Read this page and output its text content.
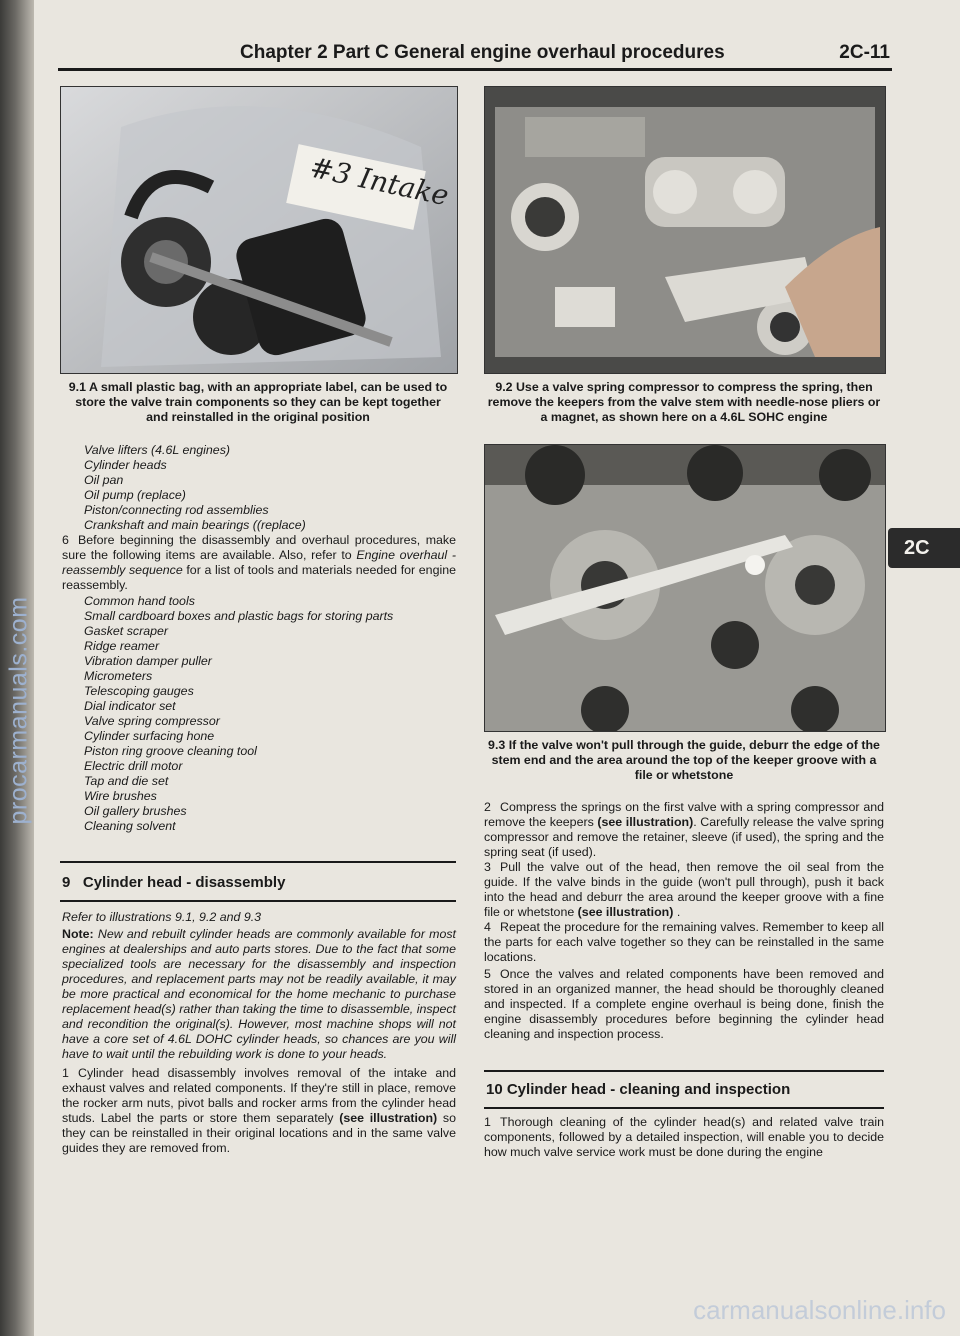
procarmanuals.com
Chapter 2 Part C General engine overhaul procedures	2C-11
#3 Intake
9.1 A small plastic bag, with an appropriate label, can be used to store the valve train components so they can be kept together and reinstalled in the original position
9.2 Use a valve spring compressor to compress the spring, then remove the keepers from the valve stem with needle-nose pliers or a magnet, as shown here on a 4.6L SOHC engine
9.3 If the valve won't pull through the guide, deburr the edge of the stem end and the area around the top of the keeper groove with a file or whetstone
Valve lifters (4.6L engines)
Cylinder heads
Oil pan
Oil pump (replace)
Piston/connecting rod assemblies
Crankshaft and main bearings ((replace)
6 Before beginning the disassembly and overhaul procedures, make sure the following items are available. Also, refer to Engine overhaul - reassembly sequence for a list of tools and materials needed for engine reassembly.
Common hand tools
Small cardboard boxes and plastic bags for storing parts
Gasket scraper
Ridge reamer
Vibration damper puller
Micrometers
Telescoping gauges
Dial indicator set
Valve spring compressor
Cylinder surfacing hone
Piston ring groove cleaning tool
Electric drill motor
Tap and die set
Wire brushes
Oil gallery brushes
Cleaning solvent
9 Cylinder head - disassembly
Refer to illustrations 9.1, 9.2 and 9.3
Note: New and rebuilt cylinder heads are commonly available for most engines at dealerships and auto parts stores. Due to the fact that some specialized tools are necessary for the disassembly and inspection procedures, and replacement parts may not be readily available, it may be more practical and economical for the home mechanic to purchase replacement head(s) rather than taking the time to disassemble, inspect and recondition the original(s). However, most machine shops will not have a core set of 4.6L DOHC cylinder heads, so chances are you will have to wait until the rebuilding work is done to your heads.
1 Cylinder head disassembly involves removal of the intake and exhaust valves and related components. If they're still in place, remove the rocker arm nuts, pivot balls and rocker arms from the cylinder head studs. Label the parts or store them separately (see illustration) so they can be reinstalled in their original locations and in the same valve guides they are removed from.
2 Compress the springs on the first valve with a spring compressor and remove the keepers (see illustration). Carefully release the valve spring compressor and remove the retainer, sleeve (if used), the spring and the spring seat (if used).
3 Pull the valve out of the head, then remove the oil seal from the guide. If the valve binds in the guide (won't pull through), push it back into the head and deburr the area around the keeper groove with a fine file or whetstone (see illustration) .
4 Repeat the procedure for the remaining valves. Remember to keep all the parts for each valve together so they can be reinstalled in the same locations.
5 Once the valves and related components have been removed and stored in an organized manner, the head should be thoroughly cleaned and inspected. If a complete engine overhaul is being done, finish the engine disassembly procedures before beginning the cylinder head cleaning and inspection process.
10 Cylinder head - cleaning and inspection
1 Thorough cleaning of the cylinder head(s) and related valve train components, followed by a detailed inspection, will enable you to decide how much valve service work must be done during the engine
2C
carmanualsonline.info
